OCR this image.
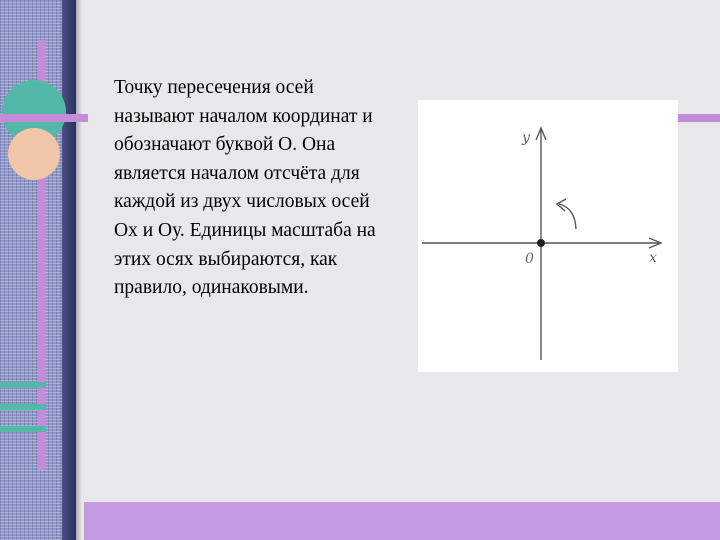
Точку пересечения осей называют началом координат и обозначают буквой О. Она является началом отсчёта для каждой из двух числовых осей Ох и Оу. Единицы масштаба на этих осях выбираются, как правило, одинаковыми.
y
x
0
